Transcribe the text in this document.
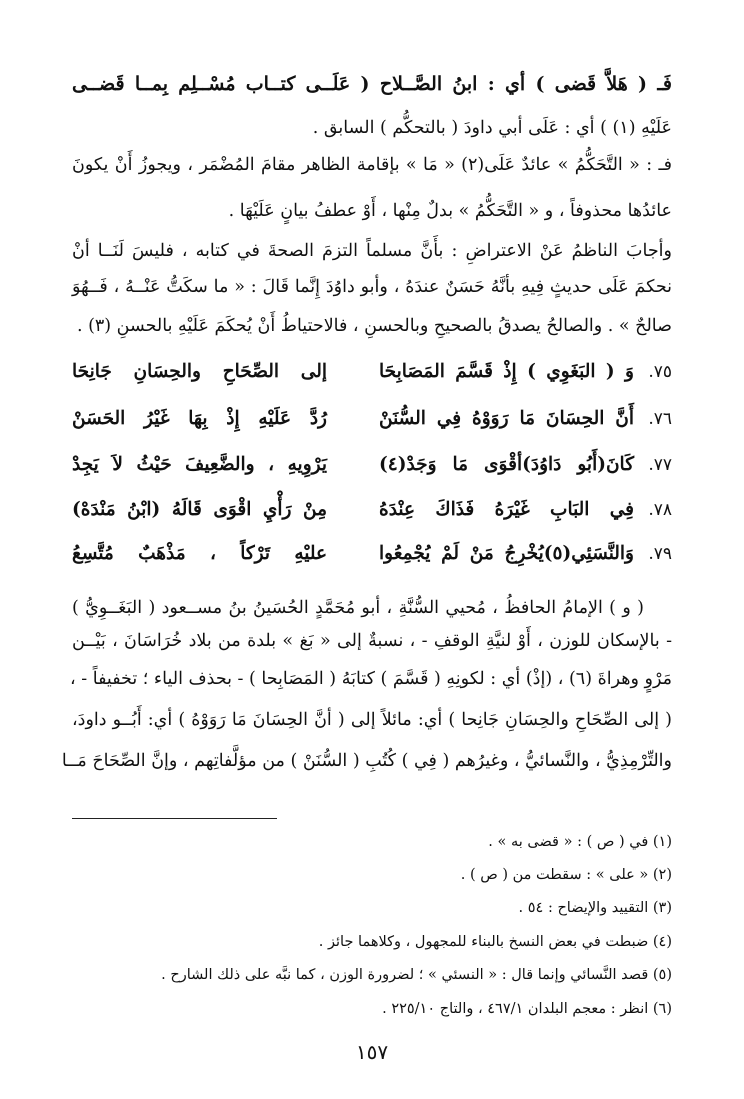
فَـ ( هَلاَّ قَضى ) أي : ابنُ الصَّــلاح ( عَلَــى كتــاب مُسْــلِم بِمــا قَضــى
عَلَيْهِ (١) ) أي : عَلَى أبي داودَ ( بالتحكُّم ) السابق .
فـ : « التَّحَكُّمُ » عائدٌ عَلَى(٢) « مَا » بإقامة الظاهر مقامَ المُضْمَر ، ويجوزُ أَنْ يكونَ
عائدُها محذوفاً ، و « التَّحَكُّمُ » بدلٌ مِنْها ، أَوْ عطفُ بيانٍ عَلَيْهَا .
وأجابَ الناظمُ عَنْ الاعتراضِ : بأَنَّ مسلماً التزمَ الصحةَ في كتابه ، فليسَ لَنَــا أنْ
نحكمَ عَلَى حديثٍ فِيهِ بأنَّهُ حَسَنٌ عندَهُ ، وأبو داوُدَ إِنَّما قَالَ : « ما سكَتُّ عَنْــهُ ، فَــهُوَ
صالحٌ » . والصالحُ يصدقُ بالصحيحِ وبالحسنِ ، فالاحتياطُ أَنْ يُحكَمَ عَلَيْهِ بالحسنِ (٣) .
٧٥.
وَ ( البَغَوِي ) إِذْ قَسَّمَ المَصَابِحَا
إلى الصِّحَاحِ والحِسَانِ جَانِحَا
٧٦.
أَنَّ الحِسَانَ مَا رَوَوْهُ فِي السُّنَنْ
رُدَّ عَلَيْهِ إِذْ بِهَا غَيْرُ الحَسَنْ
٧٧.
كَانَ(أَبُو دَاوُدَ)أقْوَى مَا وَجَدْ(٤)
يَرْوِيهِ ، والضَّعِيفَ حَيْثُ لاَ يَجِدْ
٧٨.
فِي البَابِ غَيْرَهُ فَذَاكَ عِنْدَهُ
مِنْ رَأْيِ اقْوَى قَالَهُ (ابْنُ مَنْدَهْ)
٧٩.
وَالنَّسَئِي(٥)يُخْرِجُ مَنْ لَمْ يُجْمِعُوا
عليْهِ تَرْكاً ، مَذْهَبٌ مُتَّسِعُ
( و ) الإمامُ الحافظُ ، مُحيي السُّنَّةِ ، أبو مُحَمَّدٍ الحُسَينُ بنُ مســعود ( البَغَــوِيُّ )
- بالإسكان للوزن ، أَوْ لنيَّةِ الوقفِ - ، نسبةٌ إلى « بَغ » بلدة من بلاد خُرَاسَانَ ، بَيْــن
مَرْوٍ وهراةَ (٦) ، (إذْ) أي : لكونِهِ ( قَسَّمَ ) كتابَهُ ( المَصَابِحا ) - بحذف الياء ؛ تخفيفاً - ،
( إلى الصِّحَاحِ والحِسَانِ جَانِحا ) أي: مائلاً إلى ( أنَّ الحِسَانَ مَا رَوَوْهُ ) أي: أَبُــو داودَ،
والتِّرْمِذِيُّ ، والنَّسائيُّ ، وغيرُهم ( فِي ) كُتُبِ ( السُّنَنْ ) من مؤلَّفاتِهم ، وإنَّ الصِّحَاحَ مَــا
(١) في ( ص ) : « قضى به » .
(٢) « على » : سقطت من ( ص ) .
(٣) التقييد والإيضاح : ٥٤ .
(٤) ضبطت في بعض النسخ بالبناء للمجهول ، وكلاهما جائز .
(٥) قصد النَّسائي وإنما قال : « النسئي » ؛ لضرورة الوزن ، كما نبَّه على ذلك الشارح .
(٦) انظر : معجم البلدان ٤٦٧/١ ، والتاج ٢٢٥/١٠ .
١٥٧
